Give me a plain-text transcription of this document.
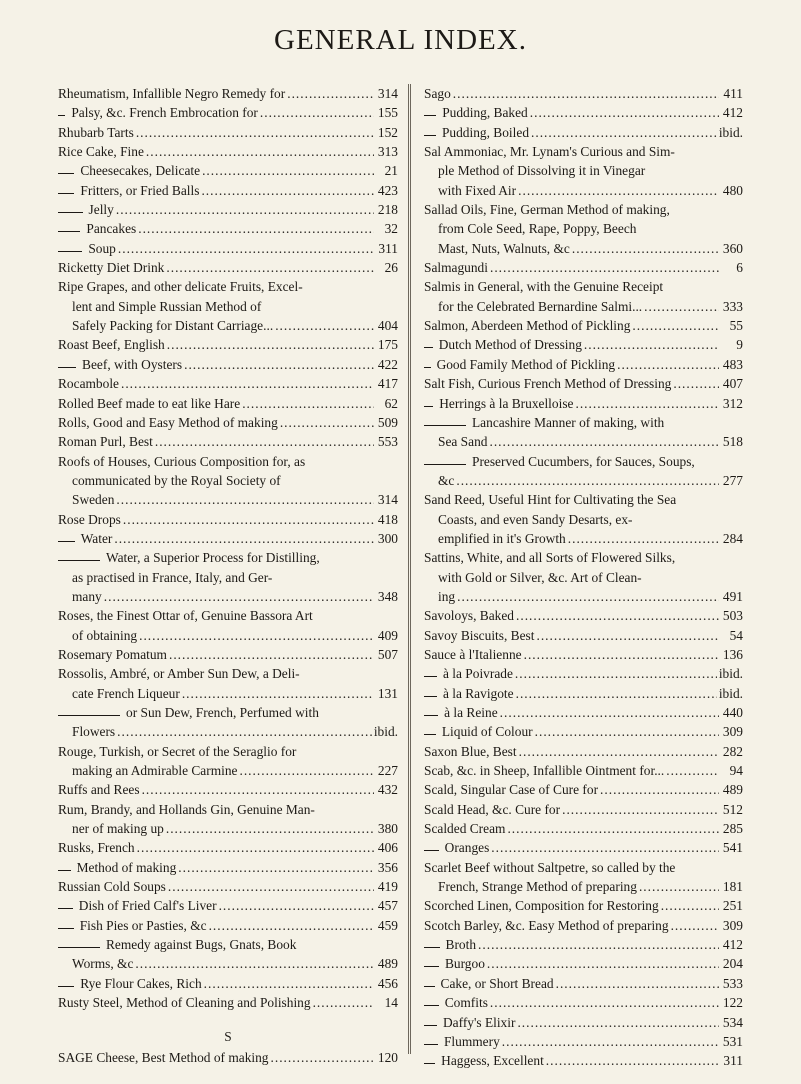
GENERAL INDEX.
Rheumatism, Infallible Negro Remedy for .....	314
Palsy, &c. French Embrocation for .....	155
Rhubarb Tarts .....	152
Rice Cake, Fine .....	313
Cheesecakes, Delicate .....	21
Fritters, or Fried Balls .....	423
Jelly .....	218
Pancakes .....	32
Soup .....	311
Ricketty Diet Drink .....	26
Ripe Grapes, and other delicate Fruits, Excel-
lent and Simple Russian Method of
Safely Packing for Distant Carriage... .....	404
Roast Beef, English .....	175
Beef, with Oysters .....	422
Rocambole .....	417
Rolled Beef made to eat like Hare .....	62
Rolls, Good and Easy Method of making .....	509
Roman Purl, Best .....	553
Roofs of Houses, Curious Composition for, as
communicated by the Royal Society of
Sweden .....	314
Rose Drops .....	418
Water .....	300
Water, a Superior Process for Distilling,
as practised in France, Italy, and Ger-
many .....	348
Roses, the Finest Ottar of, Genuine Bassora Art
of obtaining .....	409
Rosemary Pomatum .....	507
Rossolis, Ambré, or Amber Sun Dew, a Deli-
cate French Liqueur .....	131
or Sun Dew, French, Perfumed with
Flowers .....	ibid.
Rouge, Turkish, or Secret of the Seraglio for
making an Admirable Carmine .....	227
Ruffs and Rees .....	432
Rum, Brandy, and Hollands Gin, Genuine Man-
ner of making up .....	380
Rusks, French .....	406
Method of making .....	356
Russian Cold Soups .....	419
Dish of Fried Calf's Liver .....	457
Fish Pies or Pasties, &c .....	459
Remedy against Bugs, Gnats, Book
Worms, &c .....	489
Rye Flour Cakes, Rich .....	456
Rusty Steel, Method of Cleaning and Polishing .....	14
S
SAGE Cheese, Best Method of making .....	120
Sago .....	411
Pudding, Baked .....	412
Pudding, Boiled .....	ibid.
Sal Ammoniac, Mr. Lynam's Curious and Sim-
ple Method of Dissolving it in Vinegar
with Fixed Air .....	480
Sallad Oils, Fine, German Method of making,
from Cole Seed, Rape, Poppy, Beech
Mast, Nuts, Walnuts, &c .....	360
Salmagundi .....	6
Salmis in General, with the Genuine Receipt
for the Celebrated Bernardine Salmi... .....	333
Salmon, Aberdeen Method of Pickling .....	55
Dutch Method of Dressing .....	9
Good Family Method of Pickling .....	483
Salt Fish, Curious French Method of Dressing .....	407
Herrings à la Bruxelloise .....	312
Lancashire Manner of making, with
Sea Sand .....	518
Preserved Cucumbers, for Sauces, Soups,
&c .....	277
Sand Reed, Useful Hint for Cultivating the Sea
Coasts, and even Sandy Desarts, ex-
emplified in it's Growth .....	284
Sattins, White, and all Sorts of Flowered Silks,
with Gold or Silver, &c. Art of Clean-
ing .....	491
Savoloys, Baked .....	503
Savoy Biscuits, Best .....	54
Sauce à l'Italienne .....	136
à la Poivrade .....	ibid.
à la Ravigote .....	ibid.
à la Reine .....	440
Liquid of Colour .....	309
Saxon Blue, Best .....	282
Scab, &c. in Sheep, Infallible Ointment for... .....	94
Scald, Singular Case of Cure for .....	489
Scald Head, &c. Cure for .....	512
Scalded Cream .....	285
Oranges .....	541
Scarlet Beef without Saltpetre, so called by the
French, Strange Method of preparing .....	181
Scorched Linen, Composition for Restoring .....	251
Scotch Barley, &c. Easy Method of preparing .....	309
Broth .....	412
Burgoo .....	204
Cake, or Short Bread .....	533
Comfits .....	122
Daffy's Elixir .....	534
Flummery .....	531
Haggess, Excellent .....	311
